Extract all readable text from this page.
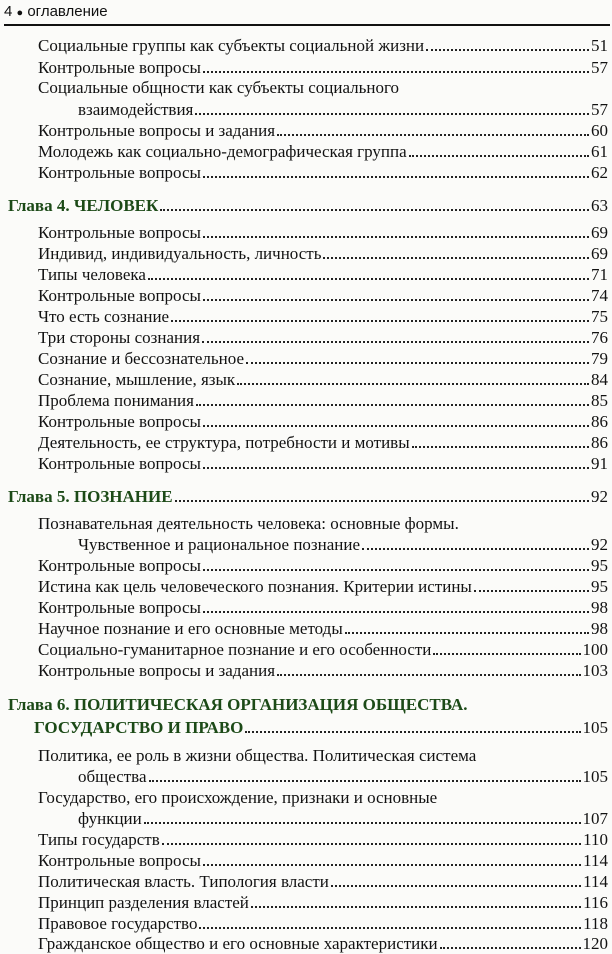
4 ● оглавление
Социальные группы как субъекты социальной жизни	51
Контрольные вопросы	57
Социальные общности как субъекты социального
взаимодействия	57
Контрольные вопросы и задания	60
Молодежь как социально-демографическая группа	61
Контрольные вопросы	62
Глава 4. ЧЕЛОВЕК	63
Контрольные вопросы	69
Индивид, индивидуальность, личность	69
Типы человека	71
Контрольные вопросы	74
Что есть сознание	75
Три стороны сознания	76
Сознание и бессознательное	79
Сознание, мышление, язык	84
Проблема понимания	85
Контрольные вопросы	86
Деятельность, ее структура, потребности и мотивы	86
Контрольные вопросы	91
Глава 5. ПОЗНАНИЕ	92
Познавательная деятельность человека: основные формы.
Чувственное и рациональное познание	92
Контрольные вопросы	95
Истина как цель человеческого познания. Критерии истины	95
Контрольные вопросы	98
Научное познание и его основные методы	98
Социально-гуманитарное познание и его особенности	100
Контрольные вопросы и задания	103
Глава 6. ПОЛИТИЧЕСКАЯ ОРГАНИЗАЦИЯ ОБЩЕСТВА.
ГОСУДАРСТВО И ПРАВО	105
Политика, ее роль в жизни общества. Политическая система
общества	105
Государство, его происхождение, признаки и основные
функции	107
Типы государств	110
Контрольные вопросы	114
Политическая власть. Типология власти	114
Принцип разделения властей	116
Правовое государство	118
Гражданское общество и его основные характеристики	120
